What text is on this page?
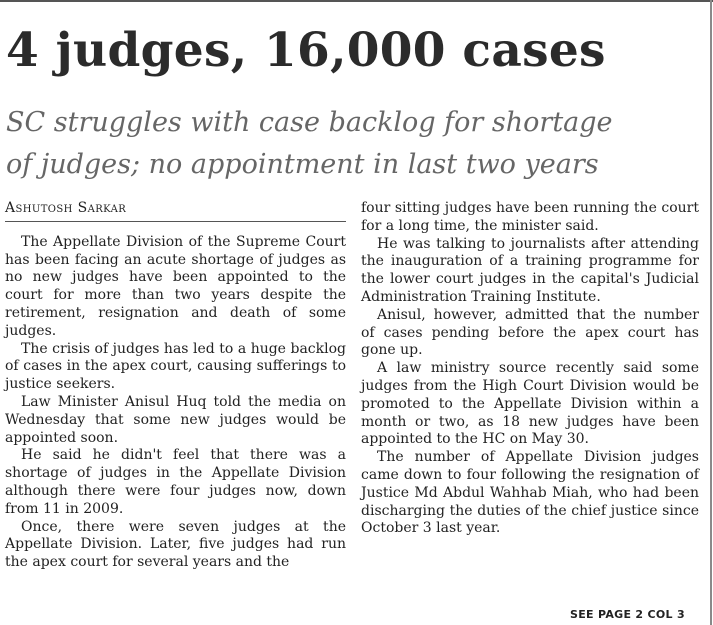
4 judges, 16,000 cases
SC struggles with case backlog for shortage
of judges; no appointment in last two years
Ashutosh Sarkar

The Appellate Division of the Supreme Court has been facing an acute shortage of judges as no new judges have been appointed to the court for more than two years despite the retirement, resignation and death of some judges.

The crisis of judges has led to a huge backlog of cases in the apex court, causing sufferings to justice seekers.

Law Minister Anisul Huq told the media on Wednesday that some new judges would be appointed soon.

He said he didn't feel that there was a shortage of judges in the Appellate Division although there were four judges now, down from 11 in 2009.

Once, there were seven judges at the Appellate Division. Later, five judges had run the apex court for several years and the

four sitting judges have been running the court for a long time, the minister said.

He was talking to journalists after attending the inauguration of a training programme for the lower court judges in the capital's Judicial Administration Training Institute.

Anisul, however, admitted that the number of cases pending before the apex court has gone up.

A law ministry source recently said some judges from the High Court Division would be promoted to the Appellate Division within a month or two, as 18 new judges have been appointed to the HC on May 30.

The number of Appellate Division judges came down to four following the resignation of Justice Md Abdul Wahhab Miah, who had been discharging the duties of the chief justice since October 3 last year.

SEE PAGE 2 COL 3
